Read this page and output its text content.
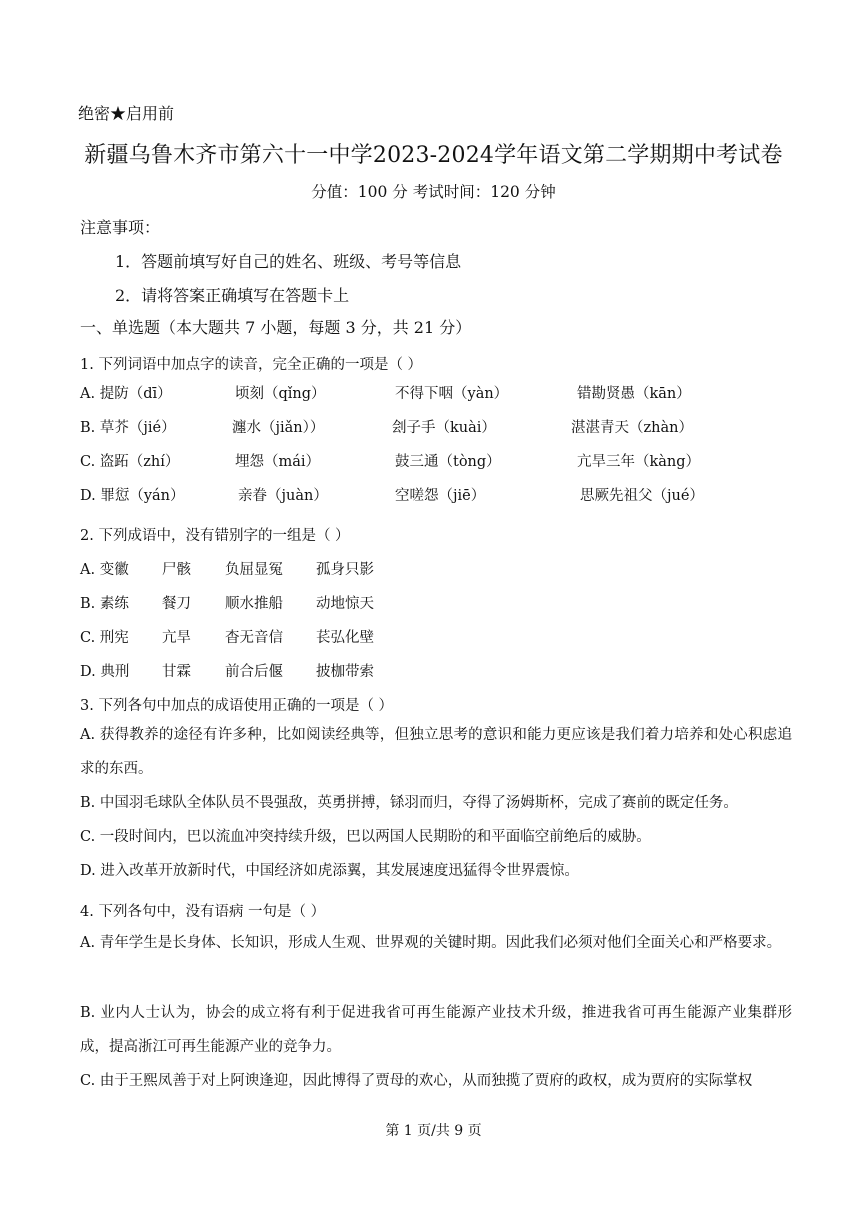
绝密★启用前
新疆乌鲁木齐市第六十一中学2023-2024学年语文第二学期期中考试卷
分值：100 分 考试时间：120 分钟
注意事项：
1．答题前填写好自己的姓名、班级、考号等信息
2．请将答案正确填写在答题卡上
一、单选题（本大题共 7 小题，每题 3 分，共 21 分）
1. 下列词语中加点字的读音，完全正确的一项是（ ）
A. 提防（dī）	顷刻（qǐng）	不得下咽（yàn）	错勘贤愚（kān）
B. 草芥（jié）	瀍水（jiǎn））	刽子手（kuài）	湛湛青天（zhàn）
C. 盗跖（zhí）	埋怨（mái）	鼓三通（tòng）	亢旱三年（kàng）
D. 罪愆（yán）	亲眷（juàn）	空嗟怨（jiē）	思厥先祖父（jué）
2. 下列成语中，没有错别字的一组是（ ）
A. 变徽 尸骸 负屈显冤 孤身只影
B. 素练 餐刀 顺水推船 动地惊天
C. 刑宪 亢旱 杳无音信 苌弘化壁
D. 典刑 甘霖 前合后偃 披枷带索
3. 下列各句中加点的成语使用正确的一项是（ ）
A. 获得教养的途径有许多种，比如阅读经典等，但独立思考的意识和能力更应该是我们着力培养和处心积虑追求的东西。
B. 中国羽毛球队全体队员不畏强敌，英勇拼搏，铩羽而归，夺得了汤姆斯杯，完成了赛前的既定任务。
C. 一段时间内，巴以流血冲突持续升级，巴以两国人民期盼的和平面临空前绝后的威胁。
D. 进入改革开放新时代，中国经济如虎添翼，其发展速度迅猛得令世界震惊。
4. 下列各句中，没有语病 一句是（ ）
A. 青年学生是长身体、长知识，形成人生观、世界观的关键时期。因此我们必须对他们全面关心和严格要求。
B. 业内人士认为，协会的成立将有利于促进我省可再生能源产业技术升级，推进我省可再生能源产业集群形成，提高浙江可再生能源产业的竞争力。
C. 由于王熙凤善于对上阿谀逢迎，因此博得了贾母的欢心，从而独揽了贾府的政权，成为贾府的实际掌权
第 1 页/共 9 页
